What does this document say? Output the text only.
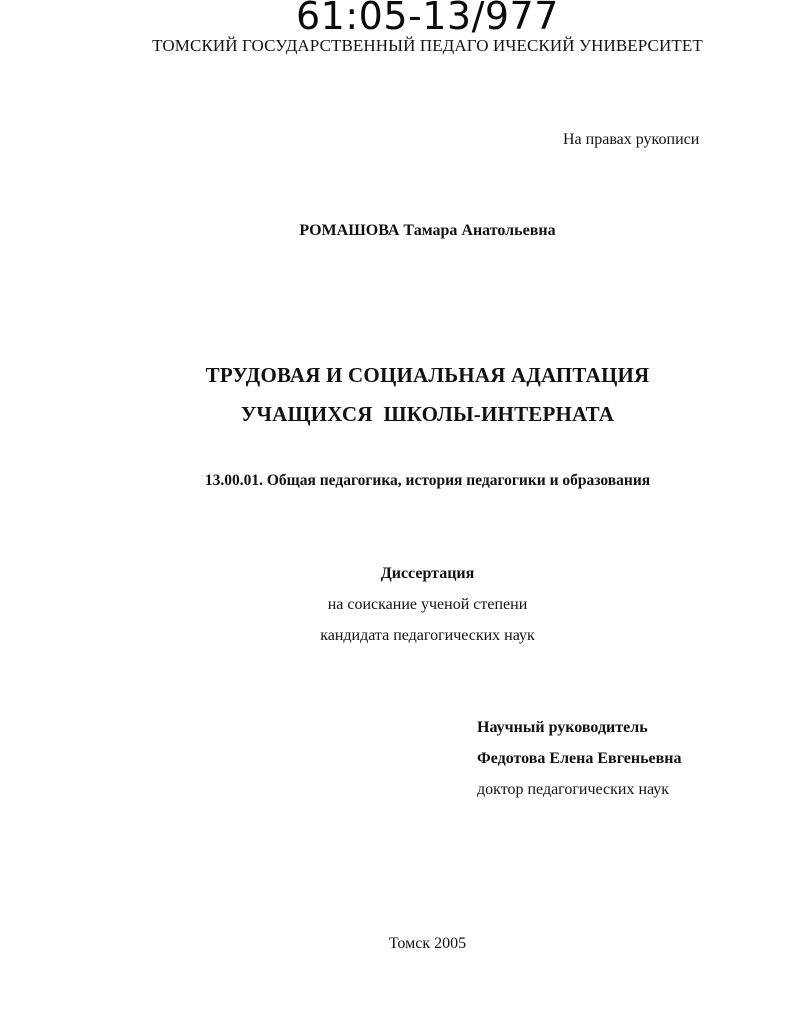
61:05-13/977
ТОМСКИЙ ГОСУДАРСТВЕННЫЙ ПЕДАГО ИЧЕСКИЙ УНИВЕРСИТЕТ
На правах рукописи
РОМАШОВА Тамара Анатольевна
ТРУДОВАЯ И СОЦИАЛЬНАЯ АДАПТАЦИЯ
УЧАЩИХСЯ  ШКОЛЫ-ИНТЕРНАТА
13.00.01. Общая педагогика, история педагогики и образования
Диссертация
на соискание ученой степени
кандидата педагогических наук
Научный руководитель
Федотова Елена Евгеньевна
доктор педагогических наук
Томск 2005
